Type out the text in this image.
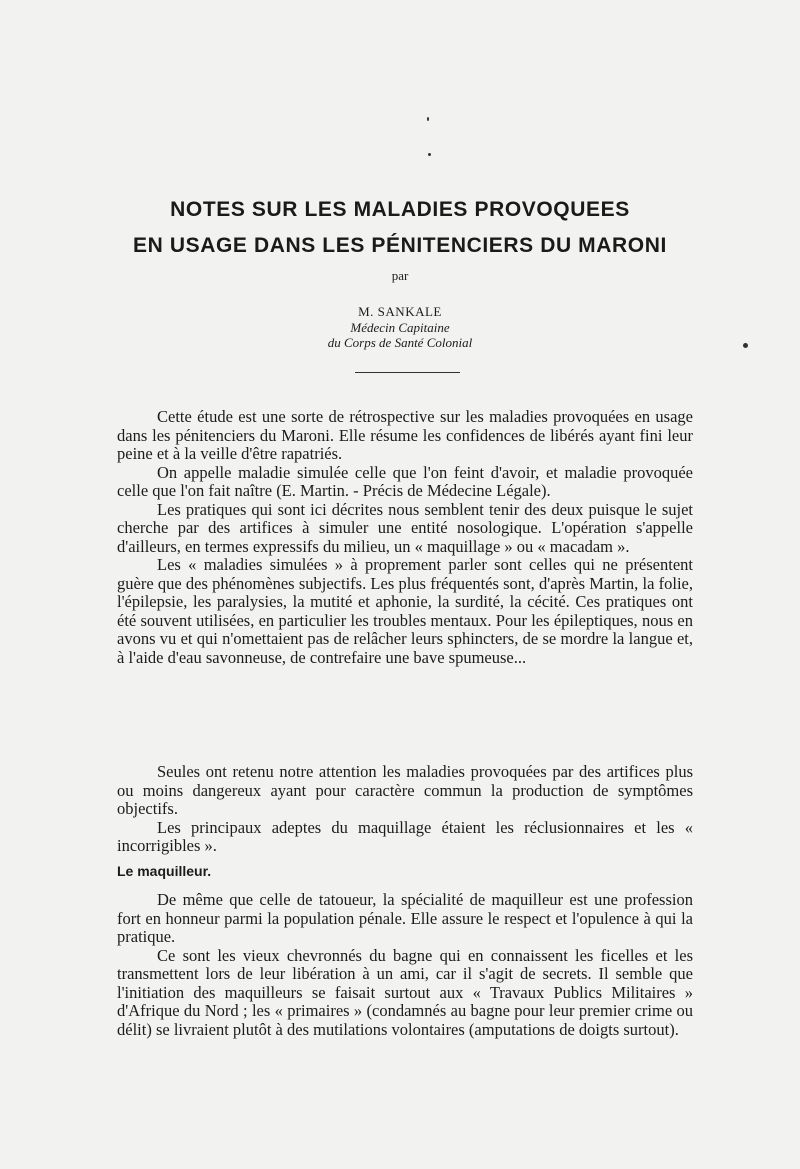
NOTES SUR LES MALADIES PROVOQUEES
EN USAGE DANS LES PÉNITENCIERS DU MARONI

par

M. SANKALE

Médecin Capitaine

du Corps de Santé Colonial

Cette étude est une sorte de rétrospective sur les maladies provoquées en usage dans les pénitenciers du Maroni. Elle résume les confidences de libérés ayant fini leur peine et à la veille d'être rapatriés.

On appelle maladie simulée celle que l'on feint d'avoir, et maladie provoquée celle que l'on fait naître (E. Martin. - Précis de Médecine Légale).

Les pratiques qui sont ici décrites nous semblent tenir des deux puisque le sujet cherche par des artifices à simuler une entité nosologique. L'opération s'appelle d'ailleurs, en termes expressifs du milieu, un « maquillage » ou « macadam ».

Les « maladies simulées » à proprement parler sont celles qui ne présentent guère que des phénomènes subjectifs. Les plus fréquentés sont, d'après Martin, la folie, l'épilepsie, les paralysies, la mutité et aphonie, la surdité, la cécité. Ces pratiques ont été souvent utilisées, en particulier les troubles mentaux. Pour les épileptiques, nous en avons vu et qui n'omettaient pas de relâcher leurs sphincters, de se mordre la langue et, à l'aide d'eau savonneuse, de contrefaire une bave spumeuse...

Seules ont retenu notre attention les maladies provoquées par des artifices plus ou moins dangereux ayant pour caractère commun la production de symptômes objectifs.

Les principaux adeptes du maquillage étaient les réclusionnaires et les « incorrigibles ».

Le maquilleur.

De même que celle de tatoueur, la spécialité de maquilleur est une profession fort en honneur parmi la population pénale. Elle assure le respect et l'opulence à qui la pratique.

Ce sont les vieux chevronnés du bagne qui en connaissent les ficelles et les transmettent lors de leur libération à un ami, car il s'agit de secrets. Il semble que l'initiation des maquilleurs se faisait surtout aux « Travaux Publics Militaires » d'Afrique du Nord ; les « primaires » (condamnés au bagne pour leur premier crime ou délit) se livraient plutôt à des mutilations volontaires (amputations de doigts surtout).
